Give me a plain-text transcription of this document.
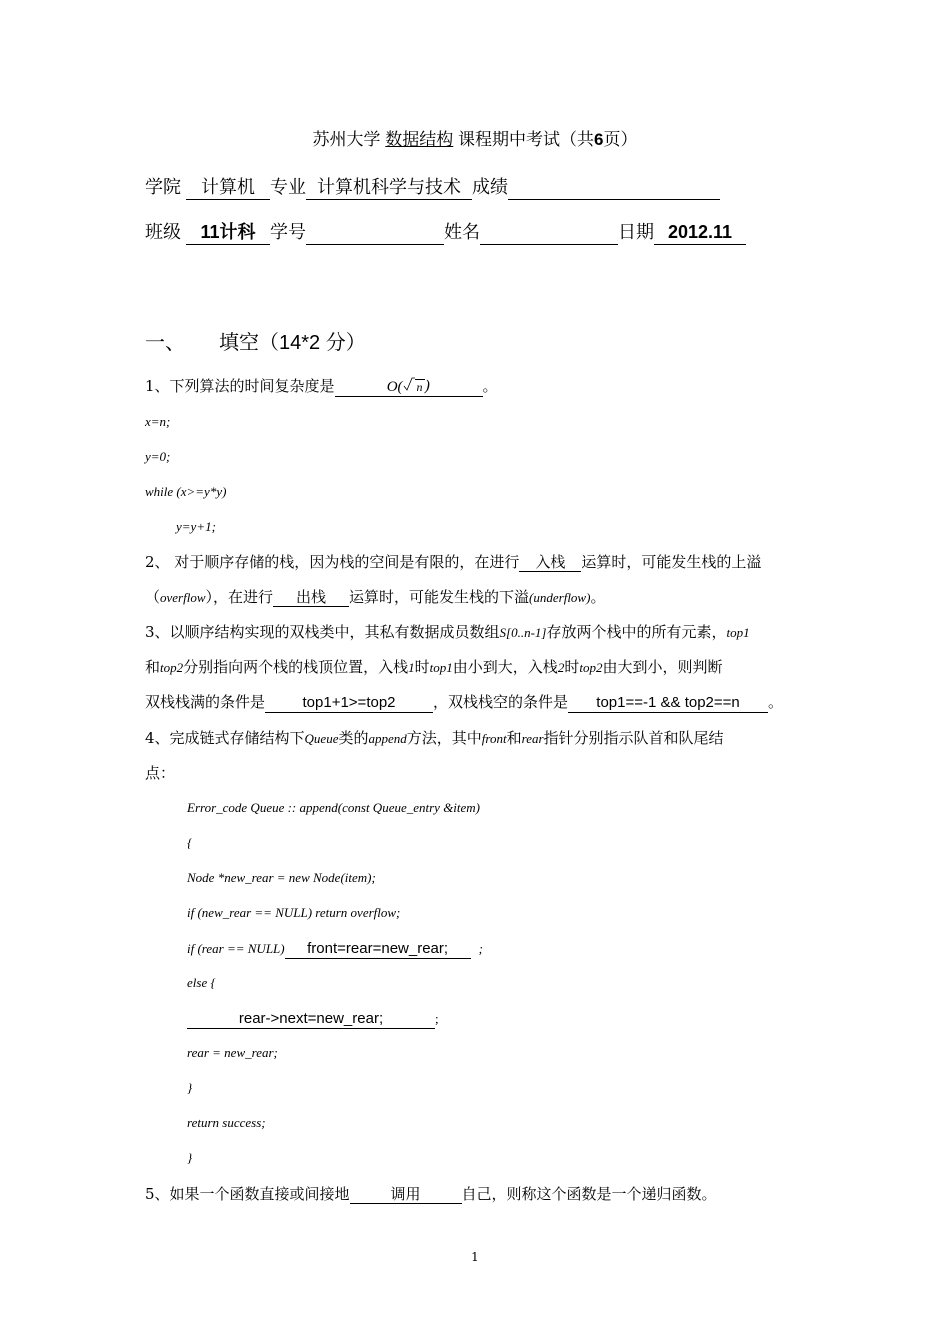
苏州大学 数据结构 课程期中考试（共6页）
学院 计算机 专业 计算机科学与技术 成绩
班级 11计科 学号	姓名	日期 2012.11
一、 填空（14*2 分）
1、下列算法的时间复杂度是	O( n )	。
x=n;
y=0;
while (x>=y*y)
y=y+1;
2、 对于顺序存储的栈，因为栈的空间是有限的，在进行 入栈 运算时，可能发生栈的上溢
（overflow），在进行 出栈 运算时，可能发生栈的下溢(underflow)。
3、以顺序结构实现的双栈类中，其私有数据成员数组S[0..n-1]存放两个栈中的所有元素，top1
和top2分别指向两个栈的栈顶位置，入栈1时top1由小到大，入栈2时top2由大到小，则判断
双栈栈满的条件是 top1+1>=top2	，双栈栈空的条件是 top1==-1 && top2==n 。
4、完成链式存储结构下Queue类的append方法，其中front和rear指针分别指示队首和队尾结
点：
Error_code Queue :: append(const Queue_entry &item)
{
Node *new_rear = new Node(item);
if (new_rear == NULL) return overflow;
if (rear == NULL) front=rear=new_rear; ;
else {
rear->next=new_rear;	;
rear = new_rear;
}
return success;
}
5、如果一个函数直接或间接地	调用	自己，则称这个函数是一个递归函数。
1
